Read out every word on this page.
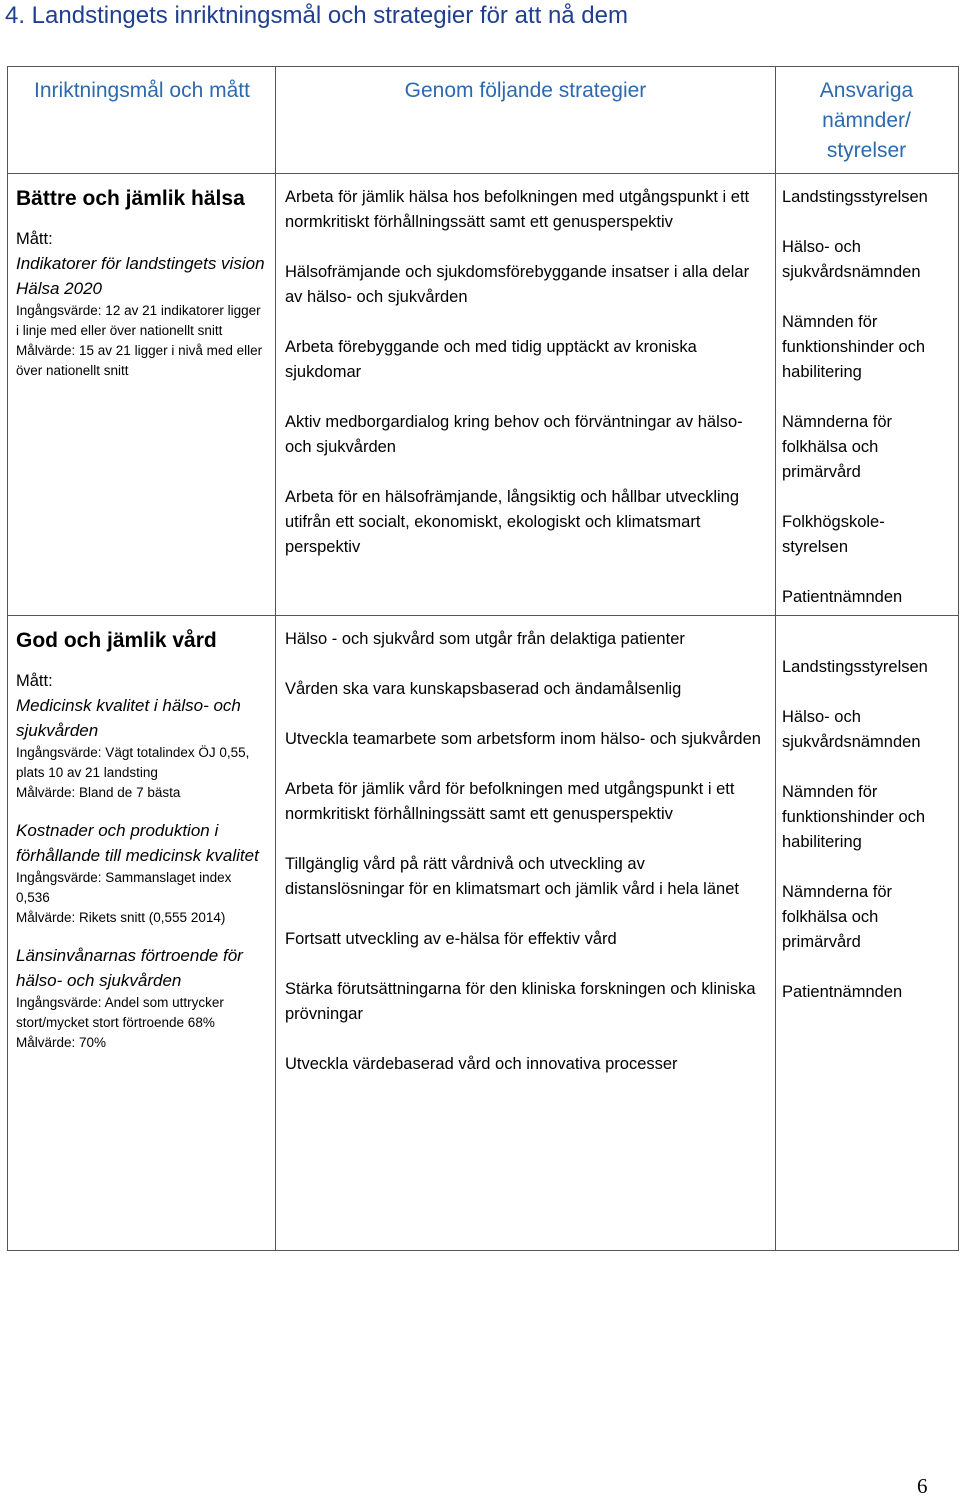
4. Landstingets inriktningsmål och strategier för att nå dem
Inriktningsmål och mått	Genom följande strategier	Ansvariga nämnder/ styrelser
Bättre och jämlik hälsa
Mått:
Indikatorer för landstingets vision Hälsa 2020
Ingångsvärde: 12 av 21 indikatorer ligger i linje med eller över nationellt snitt
Målvärde: 15 av 21 ligger i nivå med eller över nationellt snitt

Arbeta för jämlik hälsa hos befolkningen med utgångspunkt i ett normkritiskt förhållningssätt samt ett genusperspektiv

Hälsofrämjande och sjukdomsförebyggande insatser i alla delar av hälso- och sjukvården

Arbeta förebyggande och med tidig upptäckt av kroniska sjukdomar

Aktiv medborgardialog kring behov och förväntningar av hälso- och sjukvården

Arbeta för en hälsofrämjande, långsiktig och hållbar utveckling utifrån ett socialt, ekonomiskt, ekologiskt och klimatsmart perspektiv

Landstingsstyrelsen

Hälso- och sjukvårdsnämnden

Nämnden för funktionshinder och habilitering

Nämnderna för folkhälsa och primärvård

Folkhögskole-styrelsen

Patientnämnden

God och jämlik vård
Mått:
Medicinsk kvalitet i hälso- och sjukvården
Ingångsvärde: Vägt totalindex ÖJ 0,55, plats 10 av 21 landsting
Målvärde: Bland de 7 bästa
Kostnader och produktion i förhållande till medicinsk kvalitet
Ingångsvärde: Sammanslaget index 0,536
Målvärde: Rikets snitt (0,555 2014)
Länsinvånarnas förtroende för hälso- och sjukvården
Ingångsvärde: Andel som uttrycker stort/mycket stort förtroende 68%
Målvärde: 70%

Hälso - och sjukvård som utgår från delaktiga patienter

Vården ska vara kunskapsbaserad och ändamålsenlig

Utveckla teamarbete som arbetsform inom hälso- och sjukvården

Arbeta för jämlik vård för befolkningen med utgångspunkt i ett normkritiskt förhållningssätt samt ett genusperspektiv

Tillgänglig vård på rätt vårdnivå och utveckling av distanslösningar för en klimatsmart och jämlik vård i hela länet

Fortsatt utveckling av e-hälsa för effektiv vård

Stärka förutsättningarna för den kliniska forskningen och kliniska prövningar

Utveckla värdebaserad vård och innovativa processer

Landstingsstyrelsen

Hälso- och sjukvårdsnämnden

Nämnden för funktionshinder och habilitering

Nämnderna för folkhälsa och primärvård

Patientnämnden

6
